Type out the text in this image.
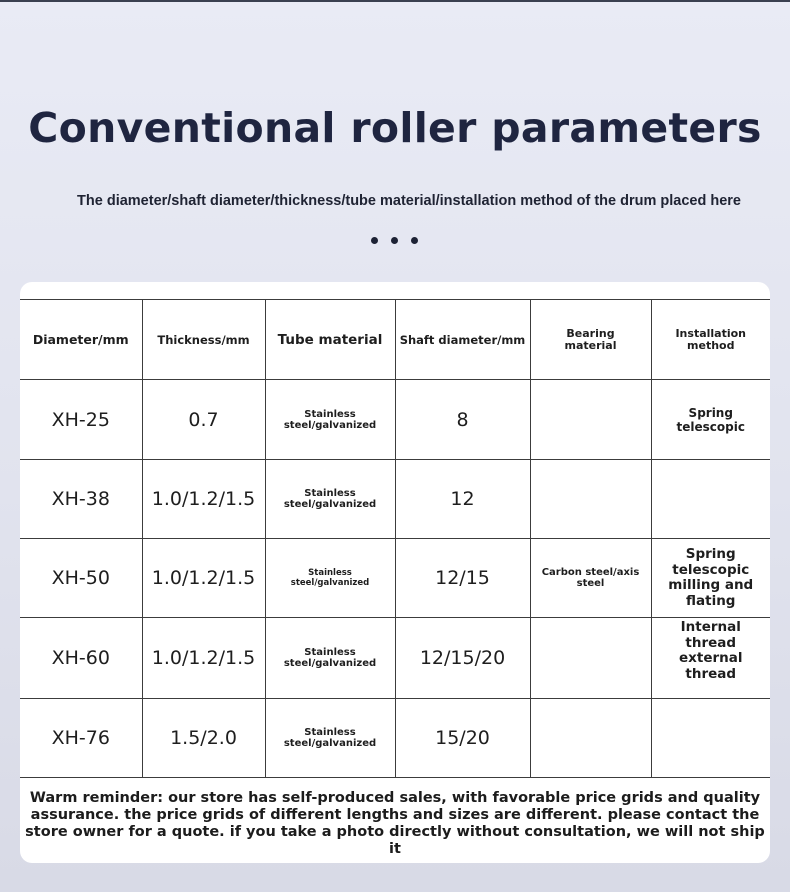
Conventional roller parameters
The diameter/shaft diameter/thickness/tube material/installation method of the drum placed here
Diameter/mm	Thickness/mm	Tube material	Shaft diameter/mm	Bearing material	Installation method

XH-25	0.7	Stainless steel/galvanized	8		Spring telescopic
XH-38	1.0/1.2/1.5	Stainless steel/galvanized	12		
XH-50	1.0/1.2/1.5	Stainless steel/galvanized	12/15	Carbon steel/axis steel	Spring telescopic milling and flating

XH-60	1.0/1.2/1.5	Stainless steel/galvanized	12/15/20		Internal thread external thread

XH-76	1.5/2.0	Stainless steel/galvanized	15/20		
Warm reminder: our store has self-produced sales, with favorable price grids and quality assurance. the price grids of different lengths and sizes are different. please contact the store owner for a quote. if you take a photo directly without consultation, we will not ship it
